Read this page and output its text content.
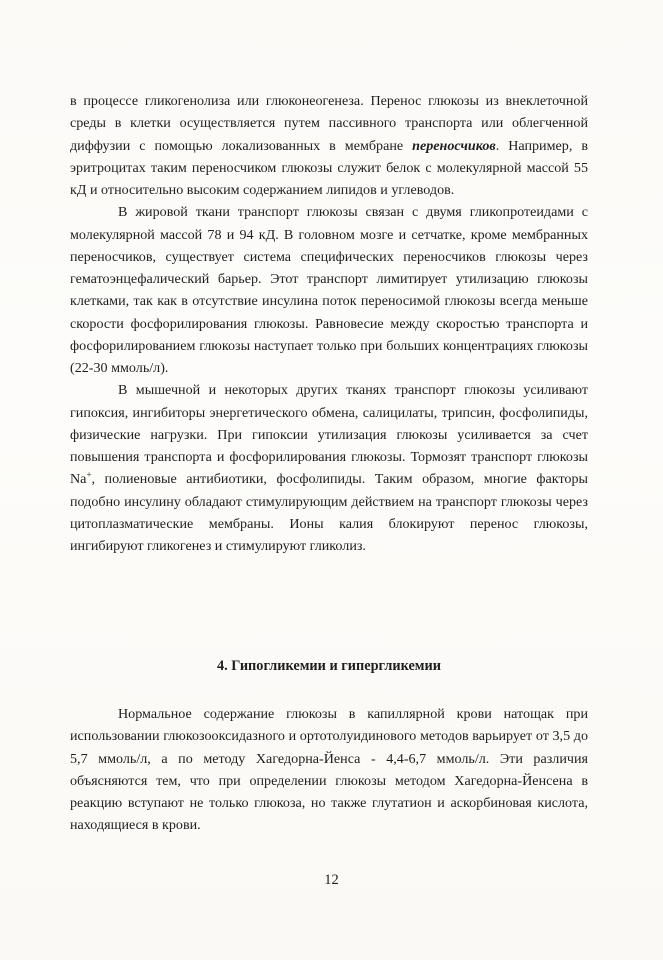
в процессе гликогенолиза или глюконеогенеза. Перенос глюкозы из внеклеточной среды в клетки осуществляется путем пассивного транспорта или облегченной диффузии с помощью локализованных в мембране переносчиков. Например, в эритроцитах таким переносчиком глюкозы служит белок с молекулярной массой 55 кД и относительно высоким содержанием липидов и углеводов.

В жировой ткани транспорт глюкозы связан с двумя гликопротеидами с молекулярной массой 78 и 94 кД. В головном мозге и сетчатке, кроме мембранных переносчиков, существует система специфических переносчиков глюкозы через гематоэнцефалический барьер. Этот транспорт лимитирует утилизацию глюкозы клетками, так как в отсутствие инсулина поток переносимой глюкозы всегда меньше скорости фосфорилирования глюкозы. Равновесие между скоростью транспорта и фосфорилированием глюкозы наступает только при больших концентрациях глюкозы (22-30 ммоль/л).

В мышечной и некоторых других тканях транспорт глюкозы усиливают гипоксия, ингибиторы энергетического обмена, салицилаты, трипсин, фосфолипиды, физические нагрузки. При гипоксии утилизация глюкозы усиливается за счет повышения транспорта и фосфорилирования глюкозы. Тормозят транспорт глюкозы Na+, полиеновые антибиотики, фосфолипиды. Таким образом, многие факторы подобно инсулину обладают стимулирующим действием на транспорт глюкозы через цитоплазматические мембраны. Ионы калия блокируют перенос глюкозы, ингибируют гликогенез и стимулируют гликолиз.

4. Гипогликемии и гипергликемии

Нормальное содержание глюкозы в капиллярной крови натощак при использовании глюкозооксидазного и ортотолуидинового методов варьирует от 3,5 до 5,7 ммоль/л, а по методу Хагедорна-Йенса - 4,4-6,7 ммоль/л. Эти различия объясняются тем, что при определении глюкозы методом Хагедорна-Йенсена в реакцию вступают не только глюкоза, но также глутатион и аскорбиновая кислота, находящиеся в крови.

12
